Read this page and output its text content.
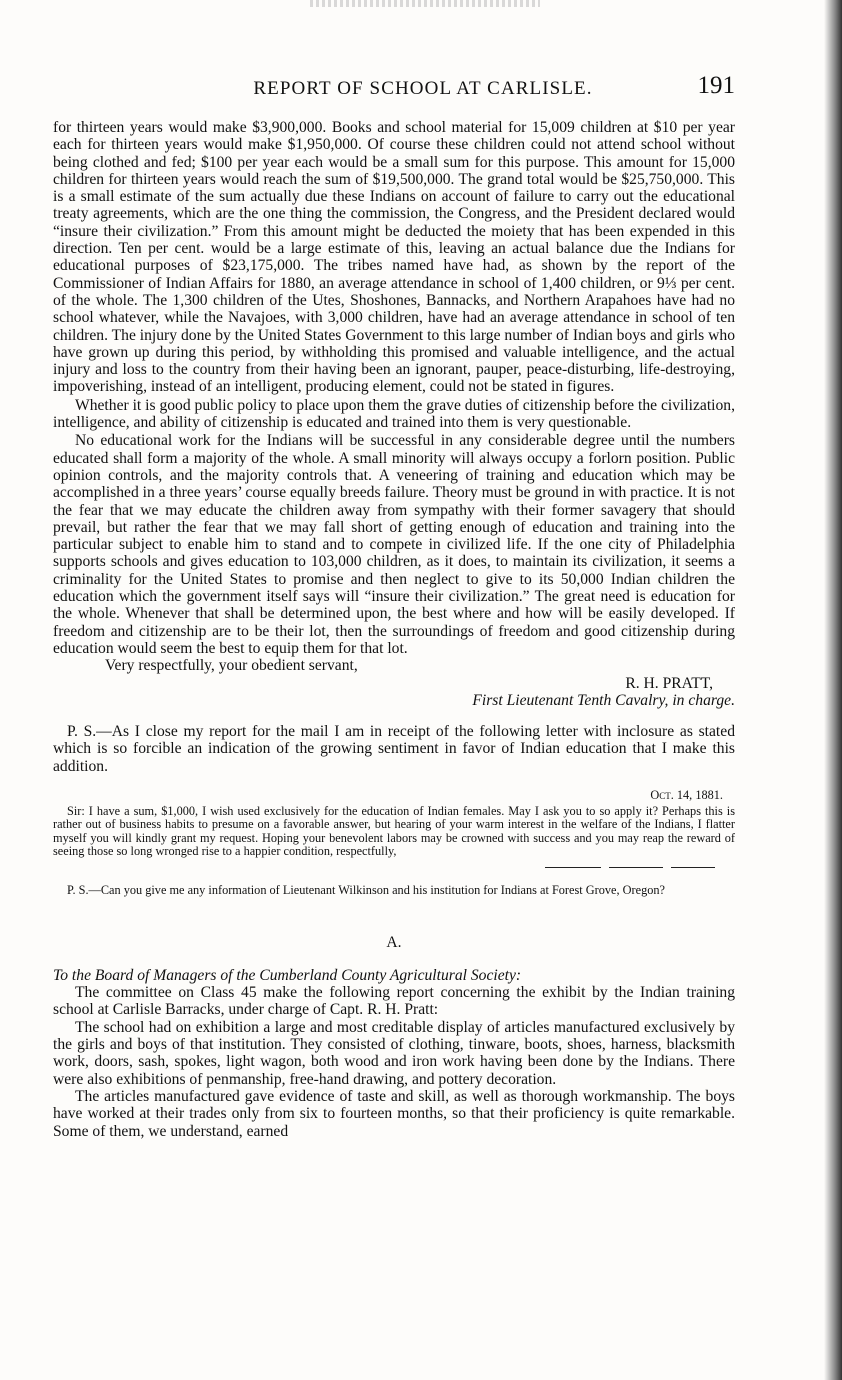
REPORT OF SCHOOL AT CARLISLE.	191

for thirteen years would make $3,900,000. Books and school material for 15,009 children at $10 per year each for thirteen years would make $1,950,000. Of course these children could not attend school without being clothed and fed; $100 per year each would be a small sum for this purpose. This amount for 15,000 children for thirteen years would reach the sum of $19,500,000. The grand total would be $25,750,000. This is a small estimate of the sum actually due these Indians on account of failure to carry out the educational treaty agreements, which are the one thing the commission, the Congress, and the President declared would “insure their civilization.” From this amount might be deducted the moiety that has been expended in this direction. Ten per cent. would be a large estimate of this, leaving an actual balance due the Indians for educational purposes of $23,175,000. The tribes named have had, as shown by the report of the Commissioner of Indian Affairs for 1880, an average attendance in school of 1,400 children, or 9⅓ per cent. of the whole. The 1,300 children of the Utes, Shoshones, Bannacks, and Northern Arapahoes have had no school whatever, while the Navajoes, with 3,000 children, have had an average attendance in school of ten children. The injury done by the United States Government to this large number of Indian boys and girls who have grown up during this period, by withholding this promised and valuable intelligence, and the actual injury and loss to the country from their having been an ignorant, pauper, peace-disturbing, life-destroying, impoverishing, instead of an intelligent, producing element, could not be stated in figures.

Whether it is good public policy to place upon them the grave duties of citizenship before the civilization, intelligence, and ability of citizenship is educated and trained into them is very questionable.

No educational work for the Indians will be successful in any considerable degree until the numbers educated shall form a majority of the whole. A small minority will always occupy a forlorn position. Public opinion controls, and the majority controls that. A veneering of training and education which may be accomplished in a three years’ course equally breeds failure. Theory must be ground in with practice. It is not the fear that we may educate the children away from sympathy with their former savagery that should prevail, but rather the fear that we may fall short of getting enough of education and training into the particular subject to enable him to stand and to compete in civilized life. If the one city of Philadelphia supports schools and gives education to 103,000 children, as it does, to maintain its civilization, it seems a criminality for the United States to promise and then neglect to give to its 50,000 Indian children the education which the government itself says will “insure their civilization.” The great need is education for the whole. Whenever that shall be determined upon, the best where and how will be easily developed. If freedom and citizenship are to be their lot, then the surroundings of freedom and good citizenship during education would seem the best to equip them for that lot.

Very respectfully, your obedient servant,

R. H. PRATT,

First Lieutenant Tenth Cavalry, in charge.

P. S.—As I close my report for the mail I am in receipt of the following letter with inclosure as stated which is so forcible an indication of the growing sentiment in favor of Indian education that I make this addition.

Oct. 14, 1881.

Sir: I have a sum, $1,000, I wish used exclusively for the education of Indian females. May I ask you to so apply it? Perhaps this is rather out of business habits to presume on a favorable answer, but hearing of your warm interest in the welfare of the Indians, I flatter myself you will kindly grant my request. Hoping your benevolent labors may be crowned with success and you may reap the reward of seeing those so long wronged rise to a happier condition, respectfully,

P. S.—Can you give me any information of Lieutenant Wilkinson and his institution for Indians at Forest Grove, Oregon?

A.

To the Board of Managers of the Cumberland County Agricultural Society:

The committee on Class 45 make the following report concerning the exhibit by the Indian training school at Carlisle Barracks, under charge of Capt. R. H. Pratt:

The school had on exhibition a large and most creditable display of articles manufactured exclusively by the girls and boys of that institution. They consisted of clothing, tinware, boots, shoes, harness, blacksmith work, doors, sash, spokes, light wagon, both wood and iron work having been done by the Indians. There were also exhibitions of penmanship, free-hand drawing, and pottery decoration.

The articles manufactured gave evidence of taste and skill, as well as thorough workmanship. The boys have worked at their trades only from six to fourteen months, so that their proficiency is quite remarkable. Some of them, we understand, earned
